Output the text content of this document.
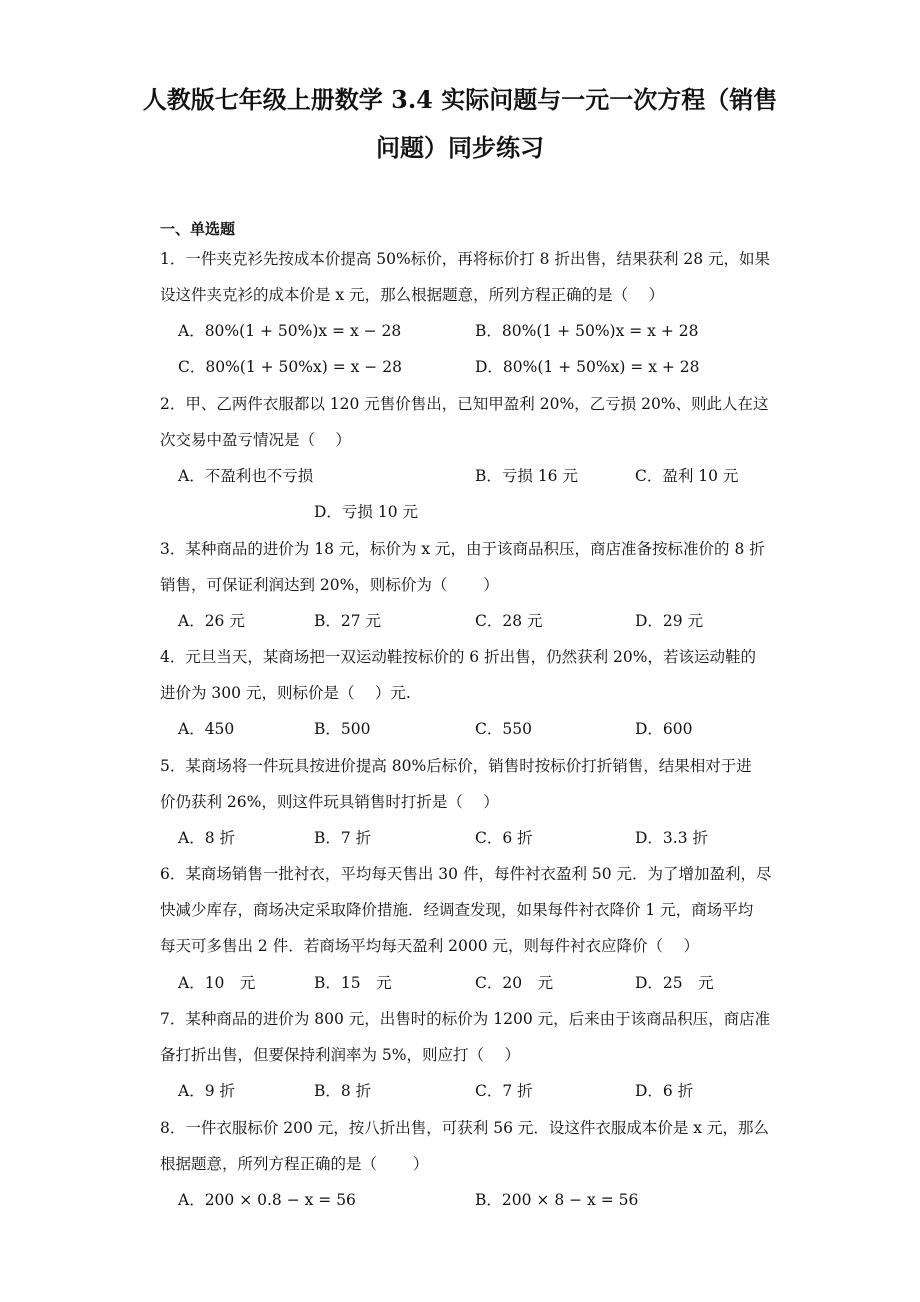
人教版七年级上册数学 3.4 实际问题与一元一次方程（销售
问题）同步练习
一、单选题
1．一件夹克衫先按成本价提高 50%标价，再将标价打 8 折出售，结果获利 28 元，如果
设这件夹克衫的成本价是 x 元，那么根据题意，所列方程正确的是（　 ）
A．80%(1 + 50%)x = x − 28	B．80%(1 + 50%)x = x + 28
C．80%(1 + 50%x) = x − 28	D．80%(1 + 50%x) = x + 28
2．甲、乙两件衣服都以 120 元售价售出，已知甲盈利 20%，乙亏损 20%、则此人在这
次交易中盈亏情况是（　 ）
A．不盈利也不亏损	B．亏损 16 元	C．盈利 10 元
D．亏损 10 元
3．某种商品的进价为 18 元，标价为 x 元，由于该商品积压，商店准备按标准价的 8 折
销售，可保证利润达到 20%，则标价为（　　 ）
A．26 元	B．27 元	C．28 元	D．29 元
4．元旦当天，某商场把一双运动鞋按标价的 6 折出售，仍然获利 20%，若该运动鞋的
进价为 300 元，则标价是（　 ）元.
A．450	B．500	C．550	D．600
5．某商场将一件玩具按进价提高 80%后标价，销售时按标价打折销售，结果相对于进
价仍获利 26%，则这件玩具销售时打折是（　 ）
A．8 折	B．7 折	C．6 折	D．3.3 折
6．某商场销售一批衬衣，平均每天售出 30 件，每件衬衣盈利 50 元．为了增加盈利，尽
快减少库存，商场决定采取降价措施．经调查发现，如果每件衬衣降价 1 元，商场平均
每天可多售出 2 件．若商场平均每天盈利 2000 元，则每件衬衣应降价（　 ）
A．10　元	B．15　元	C．20　元	D．25　元
7．某种商品的进价为 800 元，出售时的标价为 1200 元，后来由于该商品积压，商店准
备打折出售，但要保持利润率为 5%，则应打（　 ）
A．9 折	B．8 折	C．7 折	D．6 折
8．一件衣服标价 200 元，按八折出售，可获利 56 元．设这件衣服成本价是 x 元，那么
根据题意，所列方程正确的是（　　 ）
A．200 × 0.8 − x = 56	B．200 × 8 − x = 56
